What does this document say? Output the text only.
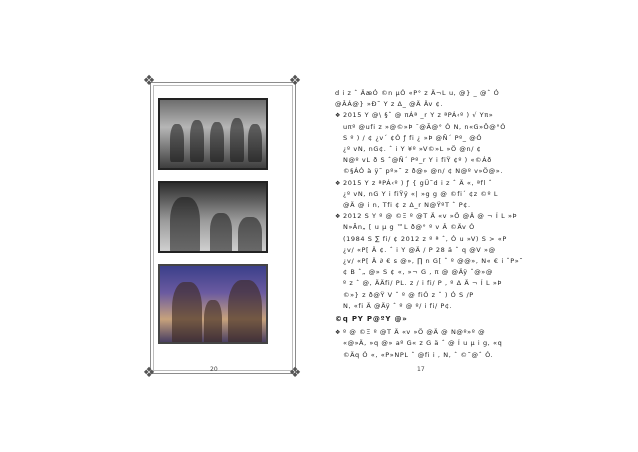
❖	❖
❖	❖
20
d i z ˆ ÄæÓ ©n µÓ «P° z Ä¬L u, @} _ @ˆ Ó
@ÂÁ@} »Ð˜ Y z Δ_ @Ä Äv ¢.
❖ 2015 Y @\ §ˆ @ πÁª _r Y z ªPÁ‹º ) √ Yπ»
uπº @ufi z »@©»Þ ¯@Ã@° Ó N, n«G»Ö@°Ó
S º ) / ¢ ¿v´ ¢Ó ƒ fi ¿ »Þ @Ñ´ Pº_ @Ó
¿º vN, nG¢. ˆ i Y ¥º »V©»L »Ö @n/ ¢
N@º vL ð S ˆ@Ñ´ Pº_r Y i fiŸ ¢º ) «©Áð
©§ÁÓ à ÿ˜ pº»˜ z ð@» @n/ ¢ N@º v»Ö@».
❖ 2015 Y z ªPÁ‹º ) ƒ { gÜ˜d i z ˆ Ä «, ªfl ˆ
¿º vN, nG Y i fiŸÿ «| »g g @ ©fi´ ¢z ©º L
@Ä @ i n, Tfi ¢ z Δ_r N@ŸºT ˆ P¢.
❖ 2012 S Y º @ ©Ξ º @T Ä «v »Ö @Ä @ ¬ Í L »Þ
N»Ãn„ [ u µ g ™L ð@° º v Â ©Äv Ó
(1984 S ∑ fi/ ¢ 2012 z º ª ˆ, Ó u »V) S > «P
¿v/ «P[ Ä ¢. ˆ i Y @Ä / P 28 ä ˆ q @V »@
¿v/ «P[ Ä ∂ € s @», ∏ n G[ ˆ º @@», N« € i ˆP»˜
¢ B ˆ„ @» S ¢ «, »¬ G , π @ @Äÿ ˆ@»@
º z ˆ @, ÄÄfi/ PL. z / i fi/ P , º Δ Ä ¬ Í L »Þ
©»} z ð@Ÿ V ˆ º @ fiÓ z ˆ ) Ó S /P
N, «fi Ä @Äÿ ˆ º @ º/ i fi/ P¢.
©q PY P@ºY @»
❖ º @ ©Ξ º @T Ä «v »Ö @Ä @ N@º»º @
«@»Ä, »q @» aº G« z G ä ˆ @ Í u µ i g, «q
©Äq Ó «, «P»NPL ˆ @fi i , N, ˆ ©˜@ˆ Ó.
17
